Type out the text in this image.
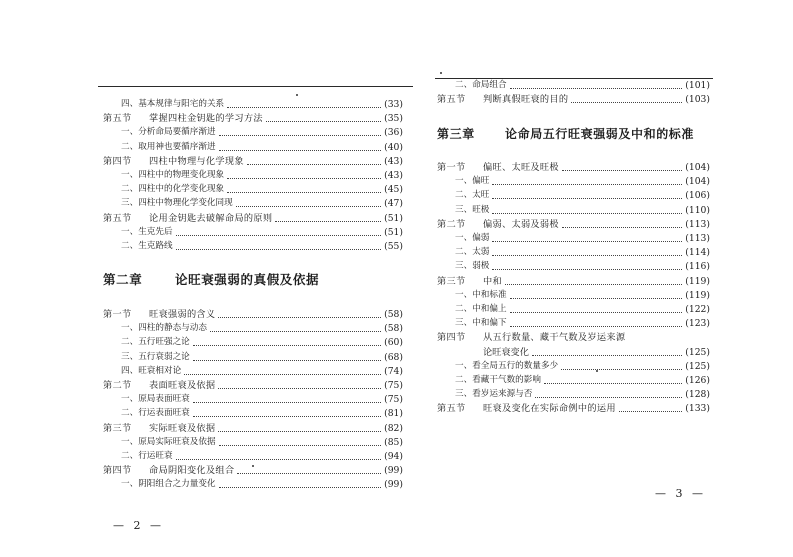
四、基本规律与阳宅的关系	(33)
第五节 掌握四柱金钥匙的学习方法	(35)
一、分析命局要循序渐进	(36)
二、取用神也要循序渐进	(40)
第四节 四柱中物理与化学现象	(43)
一、四柱中的物理变化现象	(43)
二、四柱中的化学变化现象	(45)
三、四柱中物理化学变化同现	(47)
第五节 论用金钥匙去破解命局的原则	(51)
一、生克先后	(51)
二、生克路线	(55)
第二章	论旺衰强弱的真假及依据
第一节 旺衰强弱的含义	(58)
一、四柱的静态与动态	(58)
二、五行旺强之论	(60)
三、五行衰弱之论	(68)
四、旺衰相对论	(74)
第二节 表面旺衰及依据	(75)
一、原局表面旺衰	(75)
二、行运表面旺衰	(81)
第三节 实际旺衰及依据	(82)
一、原局实际旺衰及依据	(85)
二、行运旺衰	(94)
第四节 命局阴阳变化及组合	(99)
一、阴阳组合之力量变化	(99)
— 2 —
二、命局组合	(101)
第五节 判断真假旺衰的目的	(103)
第三章	论命局五行旺衰强弱及中和的标准
第一节 偏旺、太旺及旺极	(104)
一、偏旺	(104)
二、太旺	(106)
三、旺极	(110)
第二节 偏弱、太弱及弱极	(113)
一、偏弱	(113)
二、太弱	(114)
三、弱极	(116)
第三节 中和	(119)
一、中和标准	(119)
二、中和偏上	(122)
三、中和偏下	(123)
第四节 从五行数量、藏干气数及岁运来源
论旺衰变化	(125)
一、看全局五行的数量多少	(125)
二、看藏干气数的影响	(126)
三、看岁运来源与否	(128)
第五节 旺衰及变化在实际命例中的运用	(133)
— 3 —
